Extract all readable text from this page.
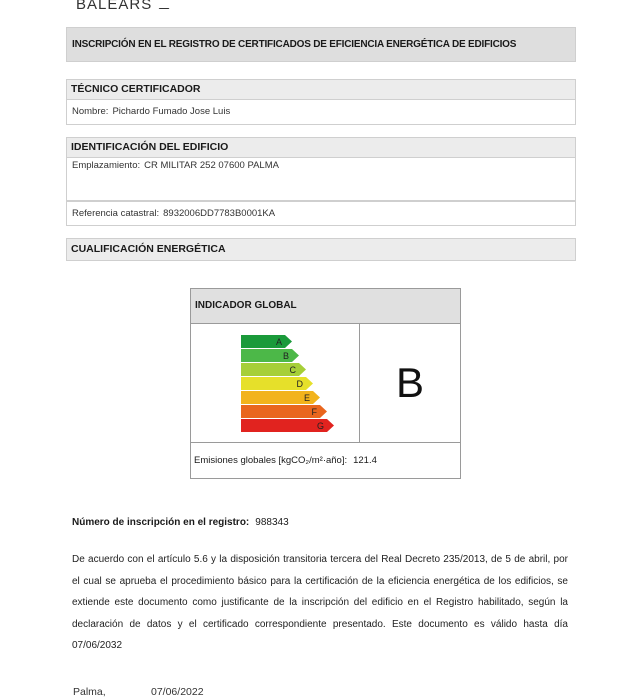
BALEARS
INSCRIPCIÓN EN EL REGISTRO DE CERTIFICADOS DE EFICIENCIA ENERGÉTICA DE EDIFICIOS
TÉCNICO CERTIFICADOR
Nombre: Pichardo Fumado Jose Luis
IDENTIFICACIÓN DEL EDIFICIO
Emplazamiento: CR MILITAR 252 07600 PALMA
Referencia catastral: 8932006DD7783B0001KA
CUALIFICACIÓN ENERGÉTICA
INDICADOR GLOBAL
A
B
C
D
E
F
G
B
Emisiones globales [kgCO₂/m²·año]: 121.4
Número de inscripción en el registro: 988343
De acuerdo con el artículo 5.6 y la disposición transitoria tercera del Real Decreto 235/2013, de 5 de abril, por el cual se aprueba el procedimiento básico para la certificación de la eficiencia energética de los edificios, se extiende este documento como justificante de la inscripción del edificio en el Registro habilitado, según la declaración de datos y el certificado correspondiente presentado. Este documento es válido hasta día 07/06/2032
Palma,	07/06/2022
